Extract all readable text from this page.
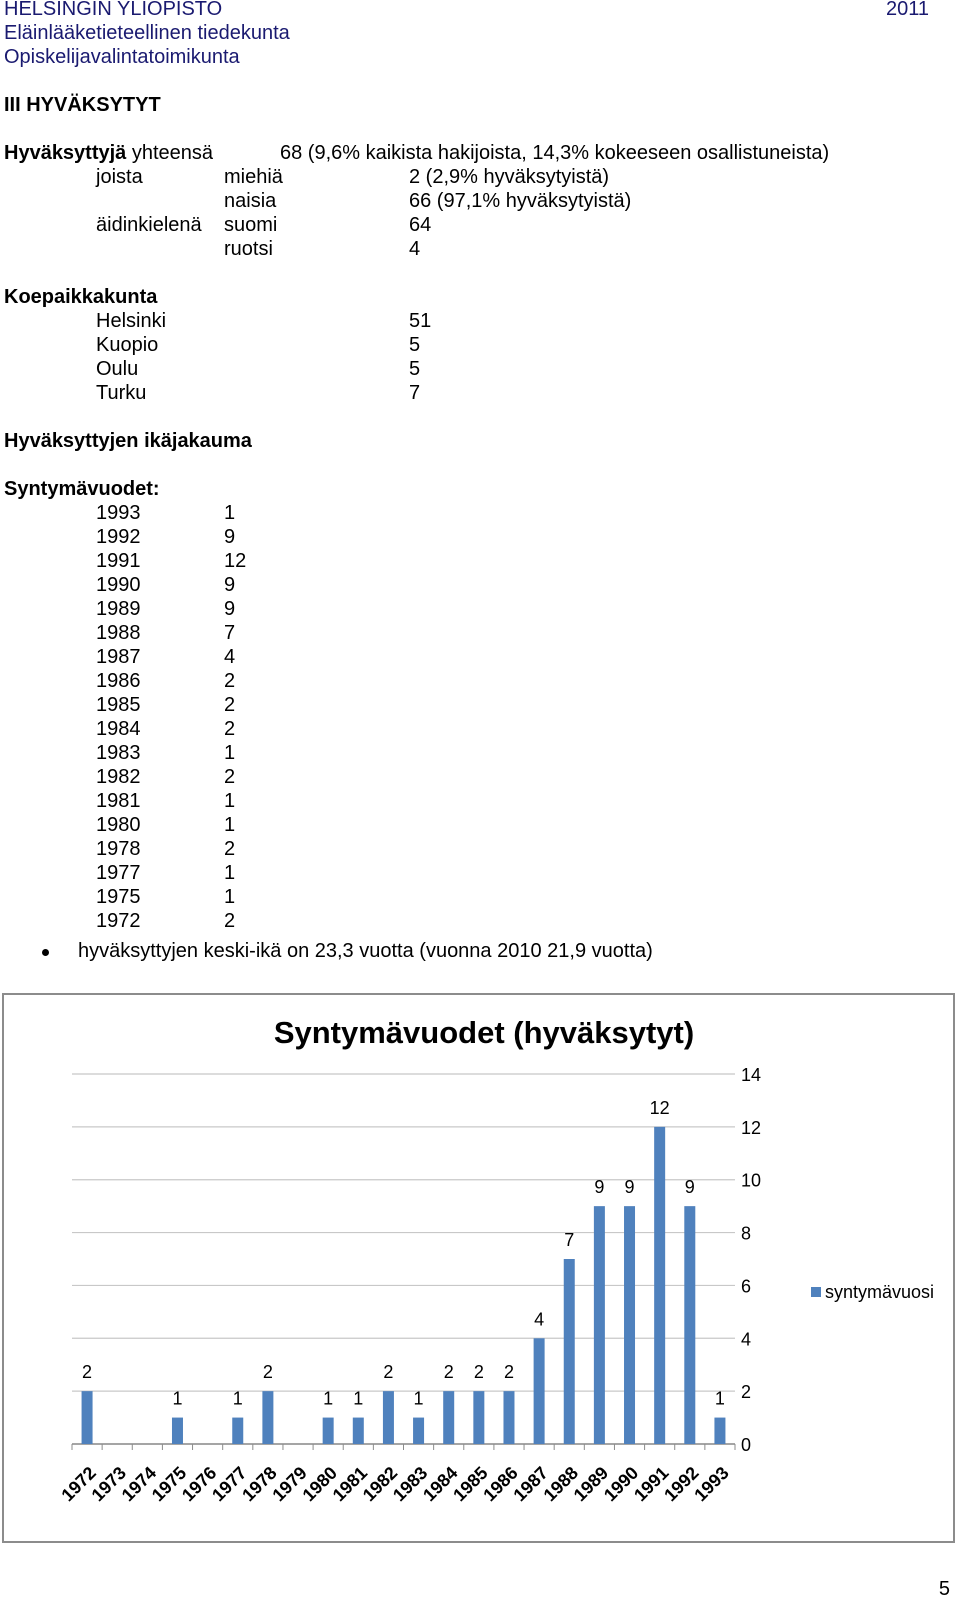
HELSINGIN YLIOPISTO	2011
Eläinlääketieteellinen tiedekunta
Opiskelijavalintatoimikunta
III HYVÄKSYTYT
Hyväksyttyjä yhteensä	68 (9,6% kaikista hakijoista, 14,3% kokeeseen osallistuneista)
joista	miehiä	2 (2,9% hyväksytyistä)
naisia	66 (97,1% hyväksytyistä)
äidinkielenä suomi	64
ruotsi	4
Koepaikkakunta
Helsinki	51
Kuopio	5
Oulu	5
Turku	7
Hyväksyttyjen ikäjakauma
Syntymävuodet:
1993	1
1992	9
1991	12
1990	9
1989	9
1988	7
1987	4
1986	2
1985	2
1984	2
1983	1
1982	2
1981	1
1980	1
1978	2
1977	1
1975	1
1972	2
hyväksyttyjen keski-ikä on 23,3 vuotta (vuonna 2010 21,9 vuotta)
Syntymävuodet (hyväksytyt)
0
2
4
6
8
10
12
14
2
1972
1973
1974
1
1975
1976
1
1977
2
1978
1979
1
1980
1
1981
2
1982
1
1983
2
1984
2
1985
2
1986
4
1987
7
1988
9
1989
9
1990
12
1991
9
1992
1
1993
syntymävuosi
5
